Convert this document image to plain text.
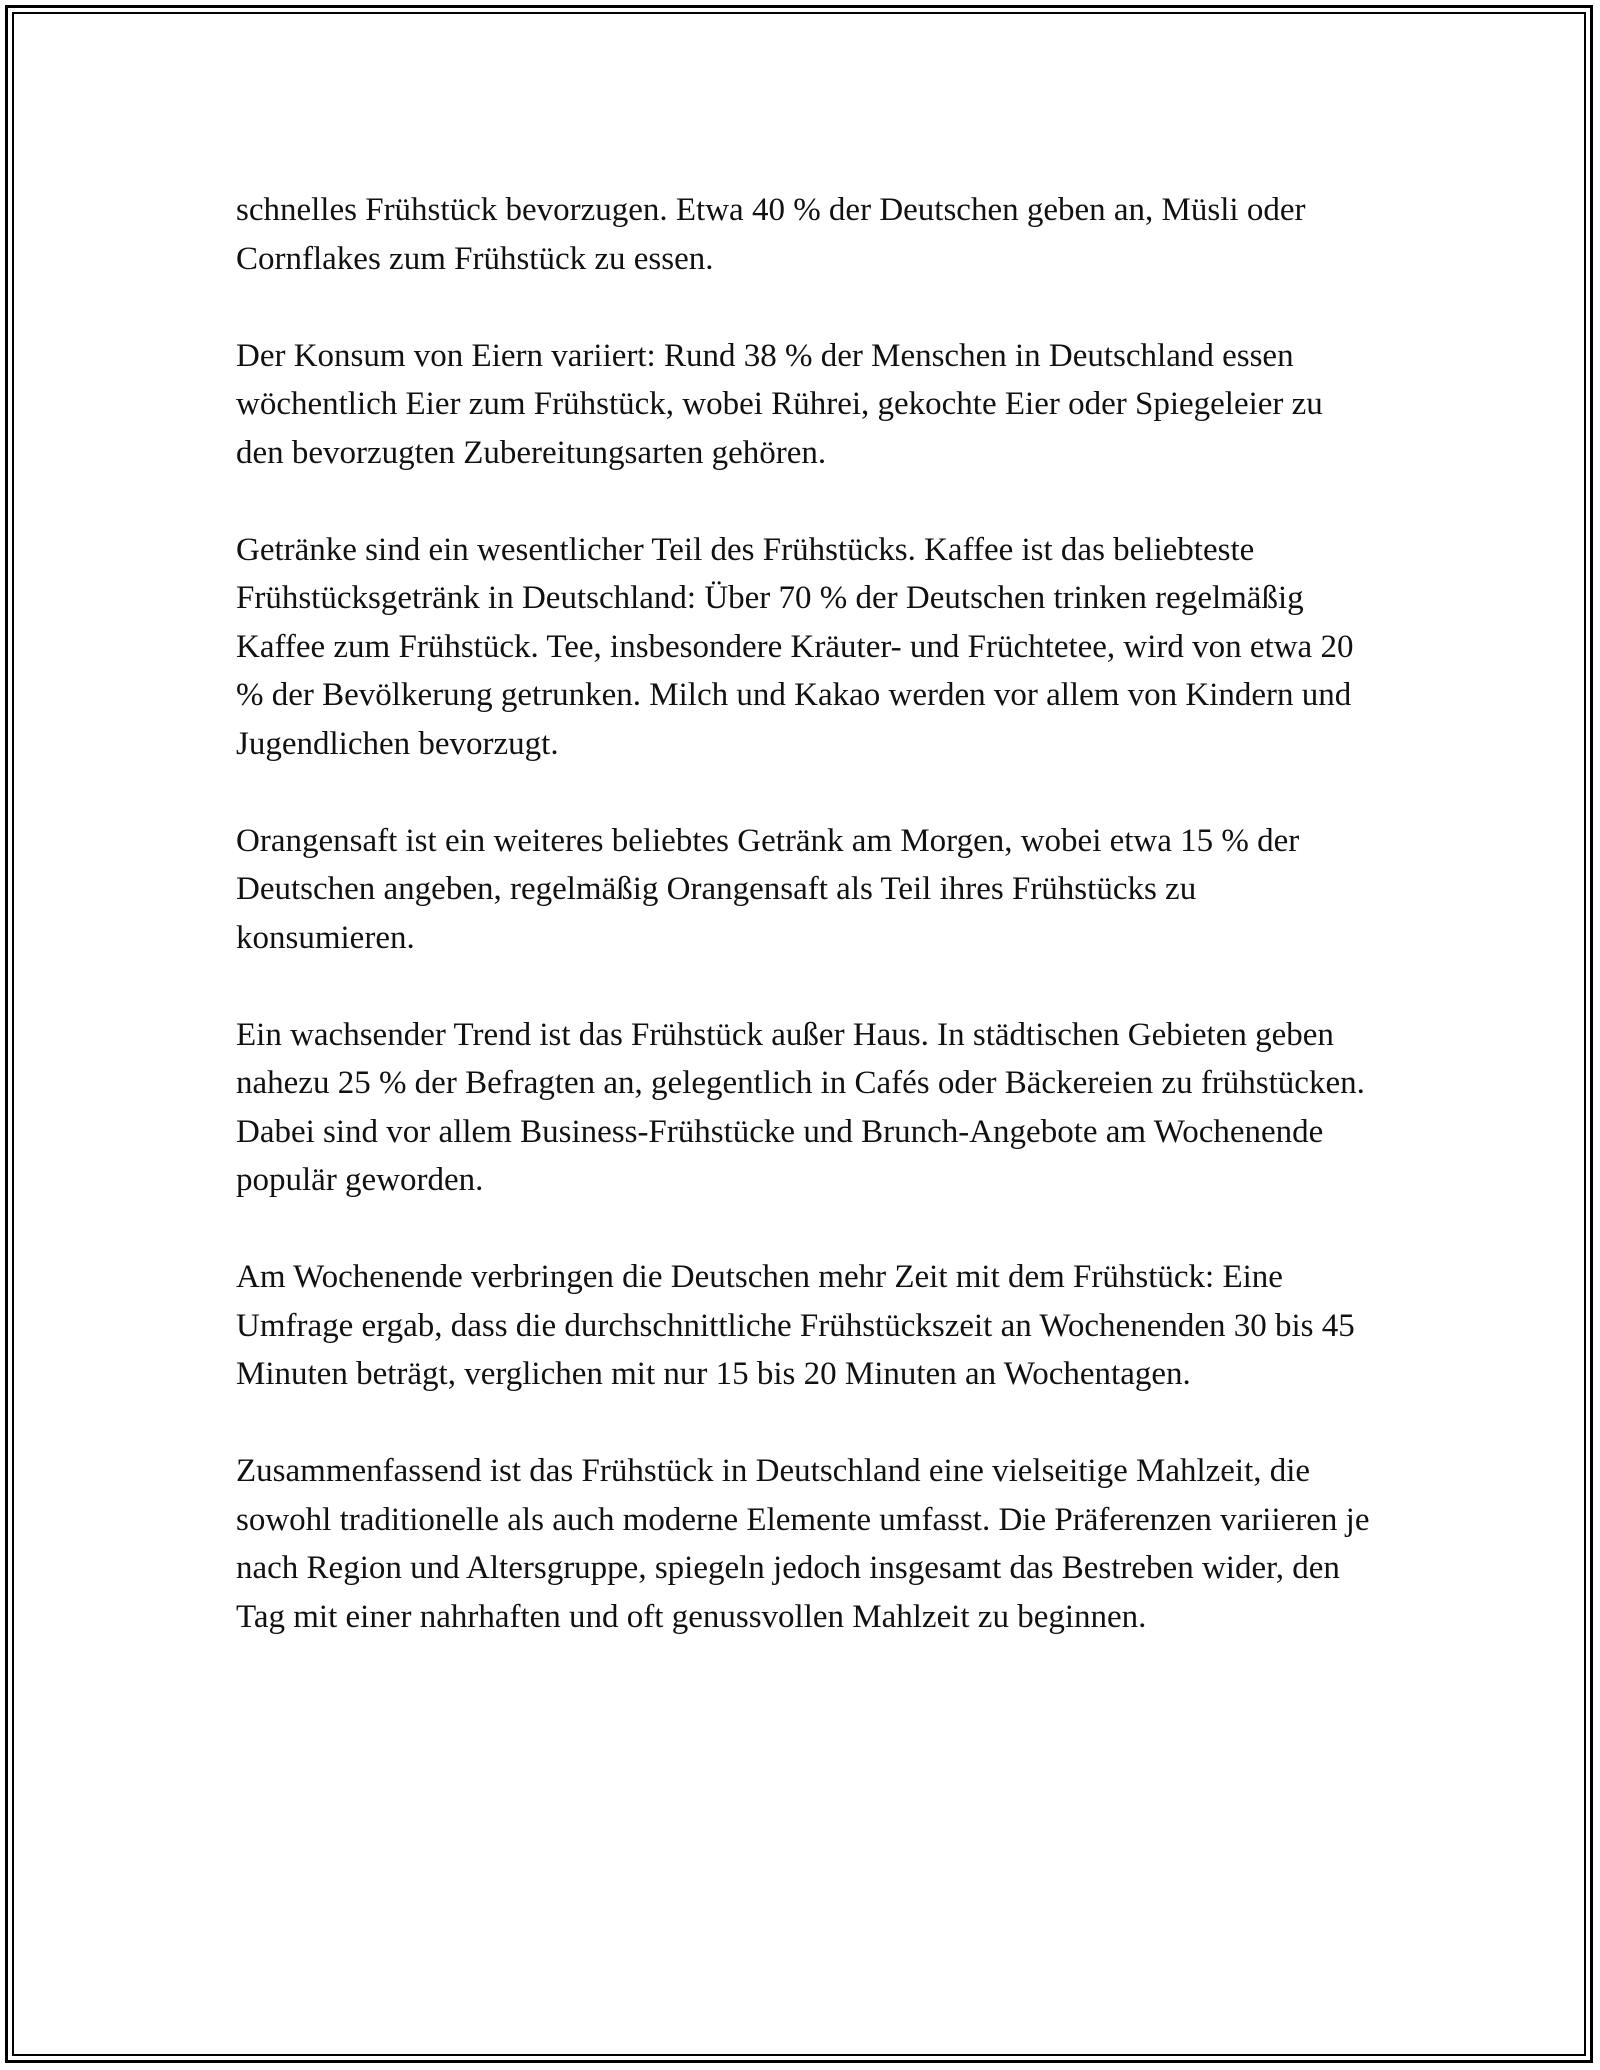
schnelles Frühstück bevorzugen. Etwa 40 % der Deutschen geben an, Müsli oder Cornflakes zum Frühstück zu essen.

Der Konsum von Eiern variiert: Rund 38 % der Menschen in Deutschland essen wöchentlich Eier zum Frühstück, wobei Rührei, gekochte Eier oder Spiegeleier zu den bevorzugten Zubereitungsarten gehören.

Getränke sind ein wesentlicher Teil des Frühstücks. Kaffee ist das beliebteste Frühstücksgetränk in Deutschland: Über 70 % der Deutschen trinken regelmäßig Kaffee zum Frühstück. Tee, insbesondere Kräuter- und Früchtetee, wird von etwa 20 % der Bevölkerung getrunken. Milch und Kakao werden vor allem von Kindern und Jugendlichen bevorzugt.

Orangensaft ist ein weiteres beliebtes Getränk am Morgen, wobei etwa 15 % der Deutschen angeben, regelmäßig Orangensaft als Teil ihres Frühstücks zu konsumieren.

Ein wachsender Trend ist das Frühstück außer Haus. In städtischen Gebieten geben nahezu 25 % der Befragten an, gelegentlich in Cafés oder Bäckereien zu frühstücken. Dabei sind vor allem Business-Frühstücke und Brunch-Angebote am Wochenende populär geworden.

Am Wochenende verbringen die Deutschen mehr Zeit mit dem Frühstück: Eine Umfrage ergab, dass die durchschnittliche Frühstückszeit an Wochenenden 30 bis 45 Minuten beträgt, verglichen mit nur 15 bis 20 Minuten an Wochentagen.

Zusammenfassend ist das Frühstück in Deutschland eine vielseitige Mahlzeit, die sowohl traditionelle als auch moderne Elemente umfasst. Die Präferenzen variieren je nach Region und Altersgruppe, spiegeln jedoch insgesamt das Bestreben wider, den Tag mit einer nahrhaften und oft genussvollen Mahlzeit zu beginnen.
